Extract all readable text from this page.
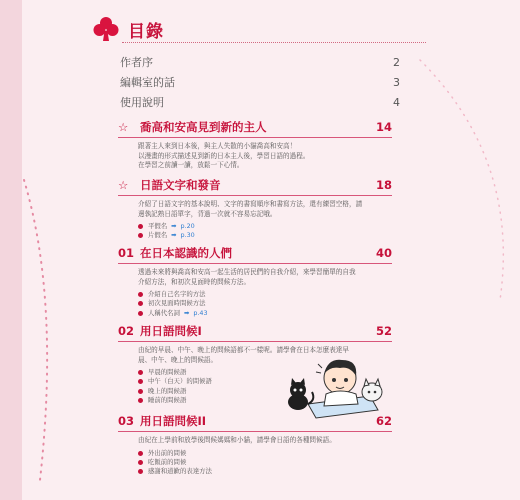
目錄
作者序	2
編輯室的話	3
使用說明	4
☆	喬高和安高見到新的主人	14
跟著主人來到日本後，與主人失散的小貓喬高和安高！
以漫畫的形式描述見到新的日本主人後，學習日語的過程。
在學習之前讀一讀，放鬆一下心情。
☆	日語文字和發音	18
介紹了日語文字的基本說明、文字的書寫順序和書寫方法，還有練習空格，請
邊執記熟日語單字，背過一次就不容易忘記哦。
平假名 ➡ p.20
片假名 ➡ p.30
01 在日本認識的人們	40
透過未來將與喬高和安高一起生活的居民們的自我介紹，來學習簡單的自我
介紹方法，和初次見面時的問候方法。
介紹自己名字的方法
初次見面時問候方法
人稱代名詞 ➡ p.43
02 用日語問候I	52
由紀的早晨、中午、晚上的問候語都不一樣呢。請學會在日本怎麼表達早
晨、中午、晚上的問候語。
早晨的問候語
中午（白天）的問候語
晚上的問候語
睡前的問候語
03 用日語問候II	62
由紀在上學前和放學後問候媽媽和小貓，請學會日語的各種問候語。
外出前的問候
吃飯前的問候
感謝和道歉的表達方法
